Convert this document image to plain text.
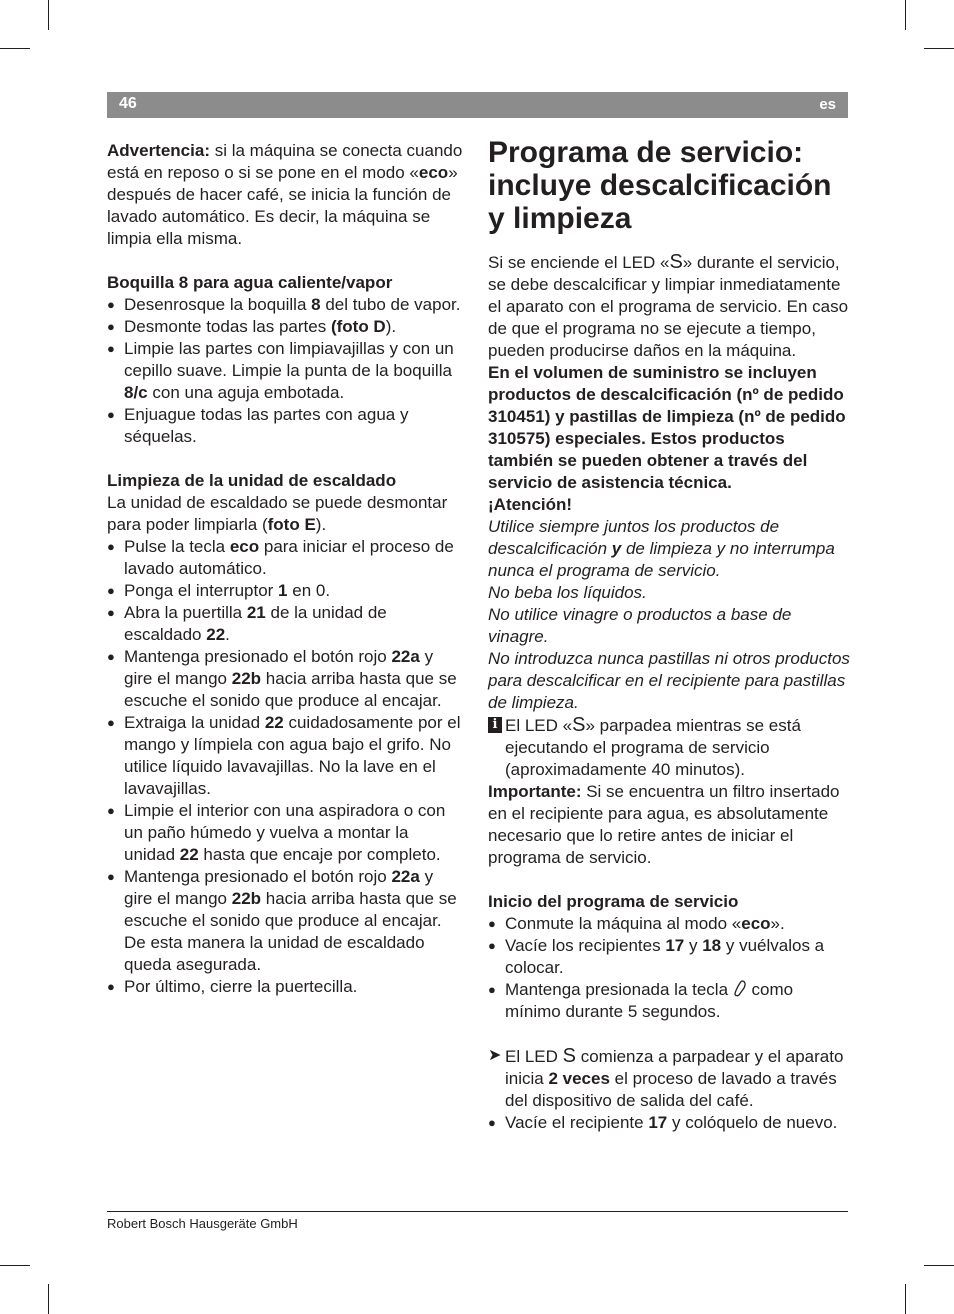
46	es

Advertencia: si la máquina se conecta cuando está en reposo o si se pone en el modo «eco» después de hacer café, se inicia la función de lavado automático. Es decir, la máquina se limpia ella misma.

Boquilla 8 para agua caliente/vapor

● Desenrosque la boquilla 8 del tubo de vapor.
● Desmonte todas las partes (foto D).
● Limpie las partes con limpiavajillas y con un cepillo suave. Limpie la punta de la boquilla 8/c con una aguja embotada.
● Enjuague todas las partes con agua y séquelas.

Limpieza de la unidad de escaldado

La unidad de escaldado se puede desmontar para poder limpiarla (foto E).

● Pulse la tecla eco para iniciar el proceso de lavado automático.
● Ponga el interruptor 1 en 0.
● Abra la puertilla 21 de la unidad de escaldado 22.
● Mantenga presionado el botón rojo 22a y gire el mango 22b hacia arriba hasta que se escuche el sonido que produce al encajar.
● Extraiga la unidad 22 cuidadosamente por el mango y límpiela con agua bajo el grifo. No utilice líquido lavavajillas. No la lave en el lavavajillas.
● Limpie el interior con una aspiradora o con un paño húmedo y vuelva a montar la unidad 22 hasta que encaje por completo.
● Mantenga presionado el botón rojo 22a y gire el mango 22b hacia arriba hasta que se escuche el sonido que produce al encajar. De esta manera la unidad de escaldado queda asegurada.
● Por último, cierre la puertecilla.
Programa de servicio: incluye descalcificación y limpieza

Si se enciende el LED «S» durante el servicio, se debe descalcificar y limpiar inmediatamente el aparato con el programa de servicio. En caso de que el programa no se ejecute a tiempo, pueden producirse daños en la máquina.

En el volumen de suministro se incluyen productos de descalcificación (nº de pedido 310451) y pastillas de limpieza (nº de pedido 310575) especiales. Estos productos también se pueden obtener a través del servicio de asistencia técnica.

¡Atención!

Utilice siempre juntos los productos de descalcificación y de limpieza y no interrumpa nunca el programa de servicio.

No beba los líquidos.

No utilice vinagre o productos a base de vinagre.

No introduzca nunca pastillas ni otros productos para descalcificar en el recipiente para pastillas de limpieza.

i El LED «S» parpadea mientras se está ejecutando el programa de servicio (aproximadamente 40 minutos).

Importante: Si se encuentra un filtro insertado en el recipiente para agua, es absolutamente necesario que lo retire antes de iniciar el programa de servicio.

Inicio del programa de servicio

● Conmute la máquina al modo «eco».
● Vacíe los recipientes 17 y 18 y vuélvalos a colocar.
● Mantenga presionada la tecla  como mínimo durante 5 segundos.
➤ El LED S comienza a parpadear y el aparato inicia 2 veces el proceso de lavado a través del dispositivo de salida del café.
● Vacíe el recipiente 17 y colóquelo de nuevo.
Robert Bosch Hausgeräte GmbH
